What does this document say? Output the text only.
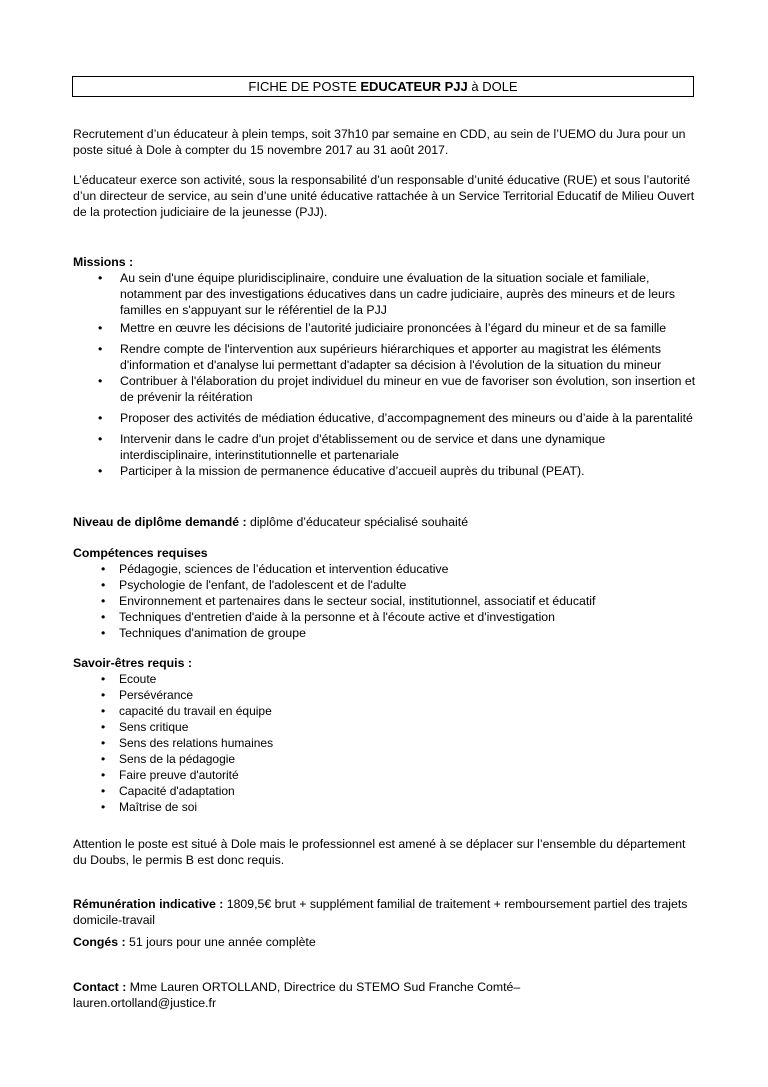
FICHE DE POSTE EDUCATEUR PJJ à DOLE

Recrutement d’un éducateur à plein temps, soit 37h10 par semaine en CDD, au sein de l’UEMO du Jura pour un poste situé à Dole à compter du 15 novembre 2017 au 31 août 2017.

L’éducateur exerce son activité, sous la responsabilité d’un responsable d’unité éducative (RUE) et sous l’autorité d’un directeur de service, au sein d’une unité éducative rattachée à un Service Territorial Educatif de Milieu Ouvert de la protection judiciaire de la jeunesse (PJJ).

Missions :

• Au sein d'une équipe pluridisciplinaire, conduire une évaluation de la situation sociale et familiale, notamment par des investigations éducatives dans un cadre judiciaire, auprès des mineurs et de leurs familles en s'appuyant sur le référentiel de la PJJ
• Mettre en œuvre les décisions de l’autorité judiciaire prononcées à l’égard du mineur et de sa famille
• Rendre compte de l'intervention aux supérieurs hiérarchiques et apporter au magistrat les éléments d'information et d'analyse lui permettant d'adapter sa décision à l'évolution de la situation du mineur
• Contribuer à l'élaboration du projet individuel du mineur en vue de favoriser son évolution, son insertion et de prévenir la réitération
• Proposer des activités de médiation éducative, d’accompagnement des mineurs ou d’aide à la parentalité
• Intervenir dans le cadre d'un projet d'établissement ou de service et dans une dynamique interdisciplinaire, interinstitutionnelle et partenariale
• Participer à la mission de permanence éducative d’accueil auprès du tribunal (PEAT).

Niveau de diplôme demandé : diplôme d’éducateur spécialisé souhaité

Compétences requises

• Pédagogie, sciences de l’éducation et intervention éducative
• Psychologie de l'enfant, de l'adolescent et de l'adulte
• Environnement et partenaires dans le secteur social, institutionnel, associatif et éducatif
• Techniques d'entretien d'aide à la personne et à l'écoute active et d'investigation
• Techniques d'animation de groupe

Savoir-êtres requis :

• Ecoute
• Persévérance
• capacité du travail en équipe
• Sens critique
• Sens des relations humaines
• Sens de la pédagogie
• Faire preuve d'autorité
• Capacité d'adaptation
• Maîtrise de soi

Attention le poste est situé à Dole mais le professionnel est amené à se déplacer sur l’ensemble du département du Doubs, le permis B est donc requis.

Rémunération indicative : 1809,5€ brut + supplément familial de traitement + remboursement partiel des trajets domicile-travail

Congés : 51 jours pour une année complète

Contact : Mme Lauren ORTOLLAND, Directrice du STEMO Sud Franche Comté–
lauren.ortolland@justice.fr
